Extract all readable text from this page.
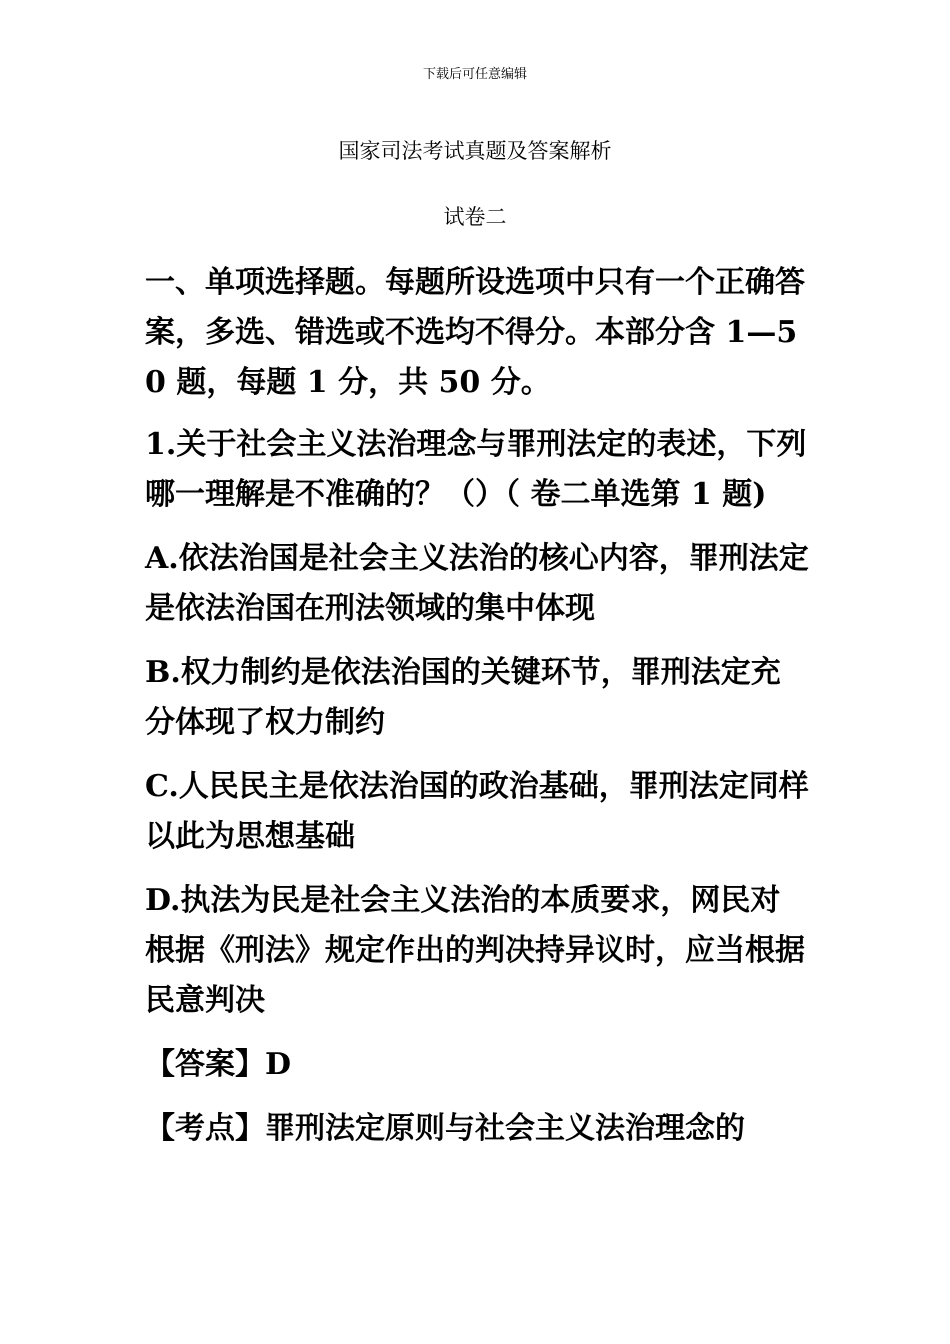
下载后可任意编辑
国家司法考试真题及答案解析
试卷二

一、单项选择题。每题所设选项中只有一个正确答案，多选、错选或不选均不得分。本部分含 1—50 题，每题 1 分，共 50 分。

1.关于社会主义法治理念与罪刑法定的表述，下列哪一理解是不准确的？（）（ 卷二单选第 1 题)

A.依法治国是社会主义法治的核心内容，罪刑法定是依法治国在刑法领域的集中体现

B.权力制约是依法治国的关键环节，罪刑法定充分体现了权力制约

C.人民民主是依法治国的政治基础，罪刑法定同样以此为思想基础

D.执法为民是社会主义法治的本质要求，网民对根据《刑法》规定作出的判决持异议时，应当根据民意判决

【答案】D

【考点】罪刑法定原则与社会主义法治理念的
